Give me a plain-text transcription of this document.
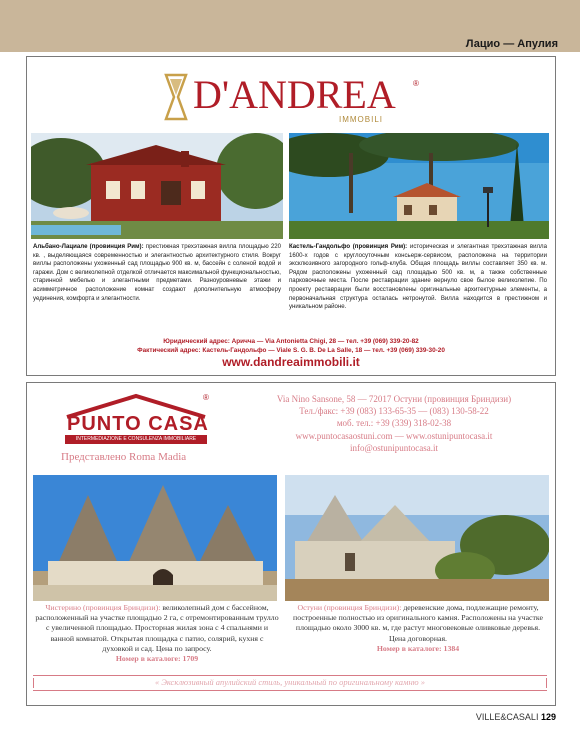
Лацио — Апулия
D'ANDREA ®
IMMOBILI
Альбано-Лациале (провинция Рим): престижная трехэтажная вилла площадью 220 кв. , выделяющаяся современностью и элегантностью архитектурного стиля. Вокруг виллы расположены ухоженный сад площадью 900 кв. м, бассейн с соленой водой и гаражи. Дом с великолепной отделкой отличается максимальной функциональностью, старинной мебелью и элегантными предметами. Разноуровневые этажи и асимметричное расположение комнат создают дополнительную атмосферу уединения, комфорта и элегантности.
Кастель-Гандольфо (провинция Рим): историческая и элегантная трехэтажная вилла 1600-х годов с круглосуточным консьерж-сервисом, расположена на территории эксклюзивного загородного гольф-клуба. Общая площадь виллы составляет 350 кв. м. Рядом расположены ухоженный сад площадью 500 кв. м, а также собственные парковочные места. После реставрации здание вернуло свое былое великолепие. По проекту реставрации были восстановлены оригинальные архитектурные элементы, а первоначальная структура осталась нетронутой. Вилла находится в престижном и уникальном районе.
Юридический адрес: Аричча — Via Antonietta Chigi, 28 — тел. +39 (069) 339-20-82
Фактический адрес: Кастель-Гандольфо — Viale S. G. B. De La Salle, 18 — тел. +39 (069) 339-30-20
www.dandreaimmobili.it
PUNTO CASA
INTERMEDIAZIONE E CONSULENZA IMMOBILIARE
®
Представлено Roma Madia
Via Nino Sansone, 58 — 72017 Остуни (провинция Бриндизи)
Тел./факс: +39 (083) 133-65-35 — (083) 130-58-22
моб. тел.: +39 (339) 318-02-38
www.puntocasaostuni.com — www.ostunipuntocasa.it
info@ostunipuntocasa.it
Чистерино (провинция Бриндизи): великолепный дом с бассейном, расположенный на участке площадью 2 га, с отремонтированным трулло с увеличенной площадью. Просторная жилая зона с 4 спальнями и ванной комнатой. Открытая площадка с патио, солярий, кухня с духовкой и сад. Цена по запросу.
Номер в каталоге: 1709
Остуни (провинция Бриндизи): деревенские дома, подлежащие ремонту, построенные полностью из оригинального камня. Расположены на участке площадью около 3000 кв. м, где растут многовековые оливковые деревья. Цена договорная.
Номер в каталоге: 1384
« Эксклюзивный апулийский стиль, уникальный по оригинальному камню »
VILLE&CASALI 129
